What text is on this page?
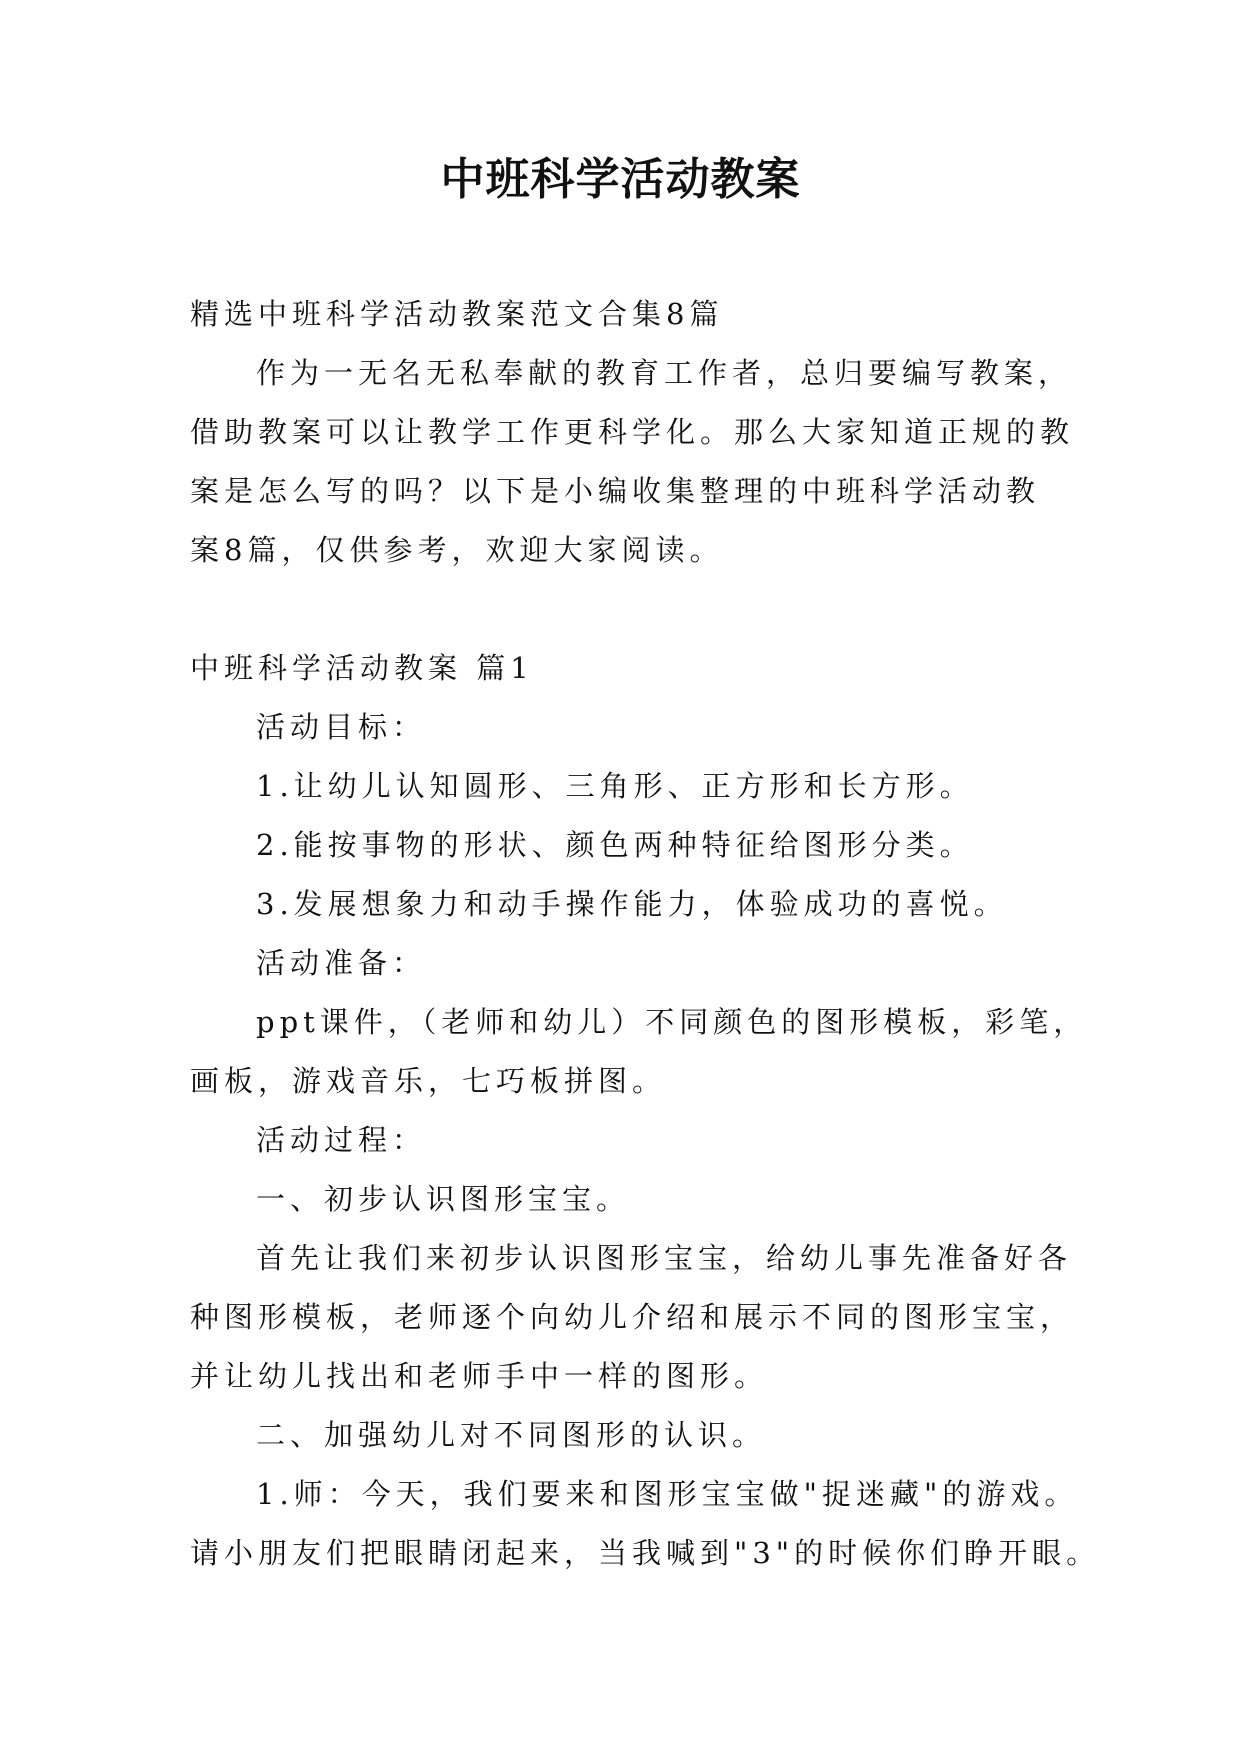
中班科学活动教案

精选中班科学活动教案范文合集8篇

作为一无名无私奉献的教育工作者，总归要编写教案，

借助教案可以让教学工作更科学化。那么大家知道正规的教

案是怎么写的吗？以下是小编收集整理的中班科学活动教

案8篇，仅供参考，欢迎大家阅读。

中班科学活动教案 篇1

活动目标：

1.让幼儿认知圆形、三角形、正方形和长方形。

2.能按事物的形状、颜色两种特征给图形分类。

3.发展想象力和动手操作能力，体验成功的喜悦。

活动准备：

ppt课件，（老师和幼儿）不同颜色的图形模板，彩笔，

画板，游戏音乐，七巧板拼图。

活动过程：

一、初步认识图形宝宝。

首先让我们来初步认识图形宝宝，给幼儿事先准备好各

种图形模板，老师逐个向幼儿介绍和展示不同的图形宝宝，

并让幼儿找出和老师手中一样的图形。

二、加强幼儿对不同图形的认识。

1.师：今天，我们要来和图形宝宝做"捉迷藏"的游戏。

请小朋友们把眼睛闭起来，当我喊到"3"的时候你们睁开眼。
